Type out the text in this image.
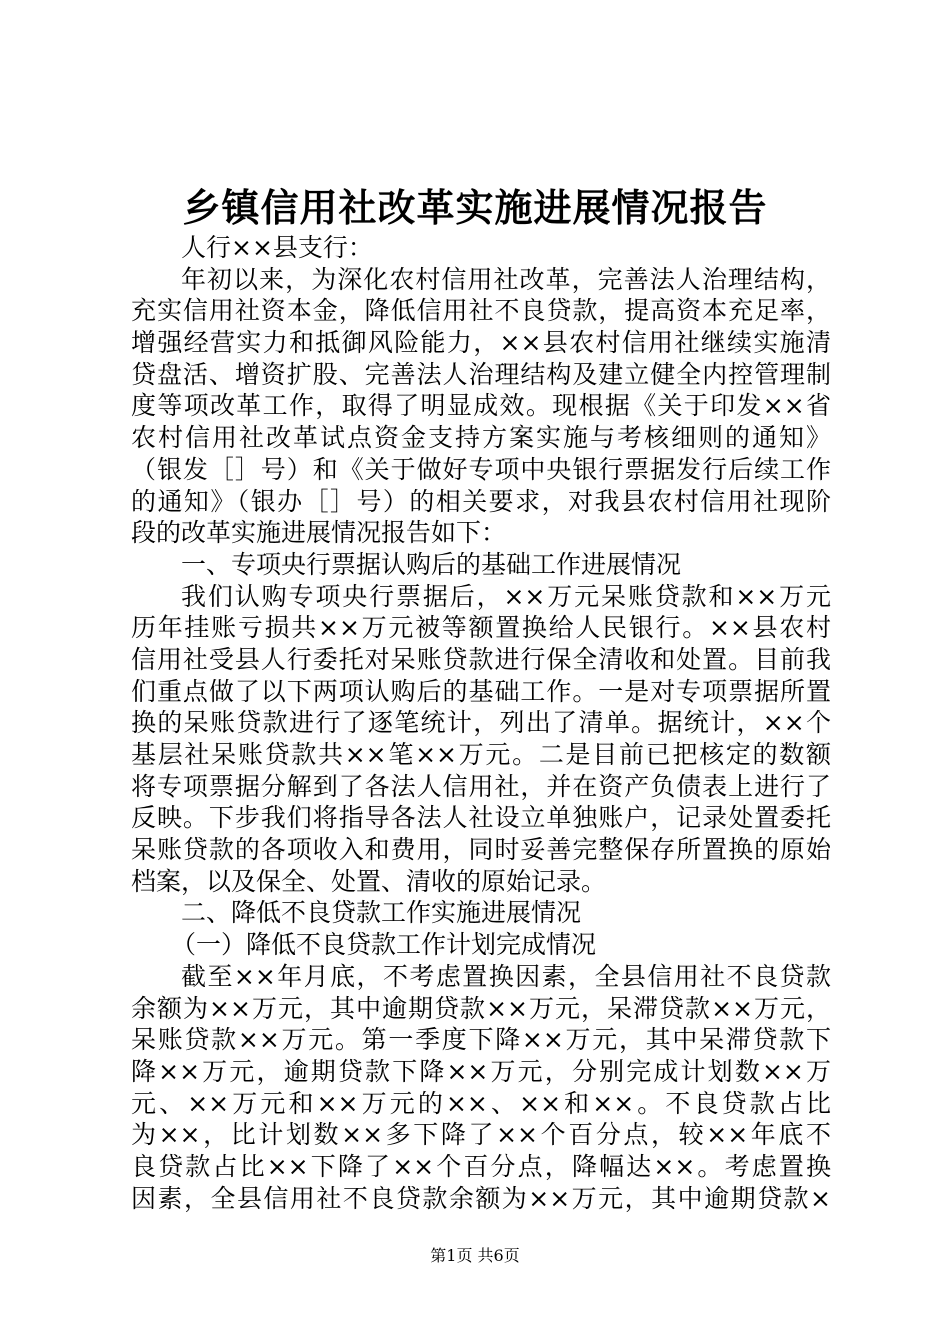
乡镇信用社改革实施进展情况报告
人行××县支行：
年初以来，为深化农村信用社改革，完善法人治理结构，
充实信用社资本金，降低信用社不良贷款，提高资本充足率，
增强经营实力和抵御风险能力，××县农村信用社继续实施清
贷盘活、增资扩股、完善法人治理结构及建立健全内控管理制
度等项改革工作，取得了明显成效。现根据《关于印发××省
农村信用社改革试点资金支持方案实施与考核细则的通知》
（银发［］号）和《关于做好专项中央银行票据发行后续工作
的通知》（银办［］号）的相关要求，对我县农村信用社现阶
段的改革实施进展情况报告如下：
一、专项央行票据认购后的基础工作进展情况
我们认购专项央行票据后，××万元呆账贷款和××万元
历年挂账亏损共××万元被等额置换给人民银行。××县农村
信用社受县人行委托对呆账贷款进行保全清收和处置。目前我
们重点做了以下两项认购后的基础工作。一是对专项票据所置
换的呆账贷款进行了逐笔统计，列出了清单。据统计，××个
基层社呆账贷款共××笔××万元。二是目前已把核定的数额
将专项票据分解到了各法人信用社，并在资产负债表上进行了
反映。下步我们将指导各法人社设立单独账户，记录处置委托
呆账贷款的各项收入和费用，同时妥善完整保存所置换的原始
档案，以及保全、处置、清收的原始记录。
二、降低不良贷款工作实施进展情况
（一）降低不良贷款工作计划完成情况
截至××年月底，不考虑置换因素，全县信用社不良贷款
余额为××万元，其中逾期贷款××万元，呆滞贷款××万元，
呆账贷款××万元。第一季度下降××万元，其中呆滞贷款下
降××万元，逾期贷款下降××万元，分别完成计划数××万
元、××万元和××万元的××、××和××。不良贷款占比
为××，比计划数××多下降了××个百分点，较××年底不
良贷款占比××下降了××个百分点，降幅达××。考虑置换
因素，全县信用社不良贷款余额为××万元，其中逾期贷款×
第1页 共6页
